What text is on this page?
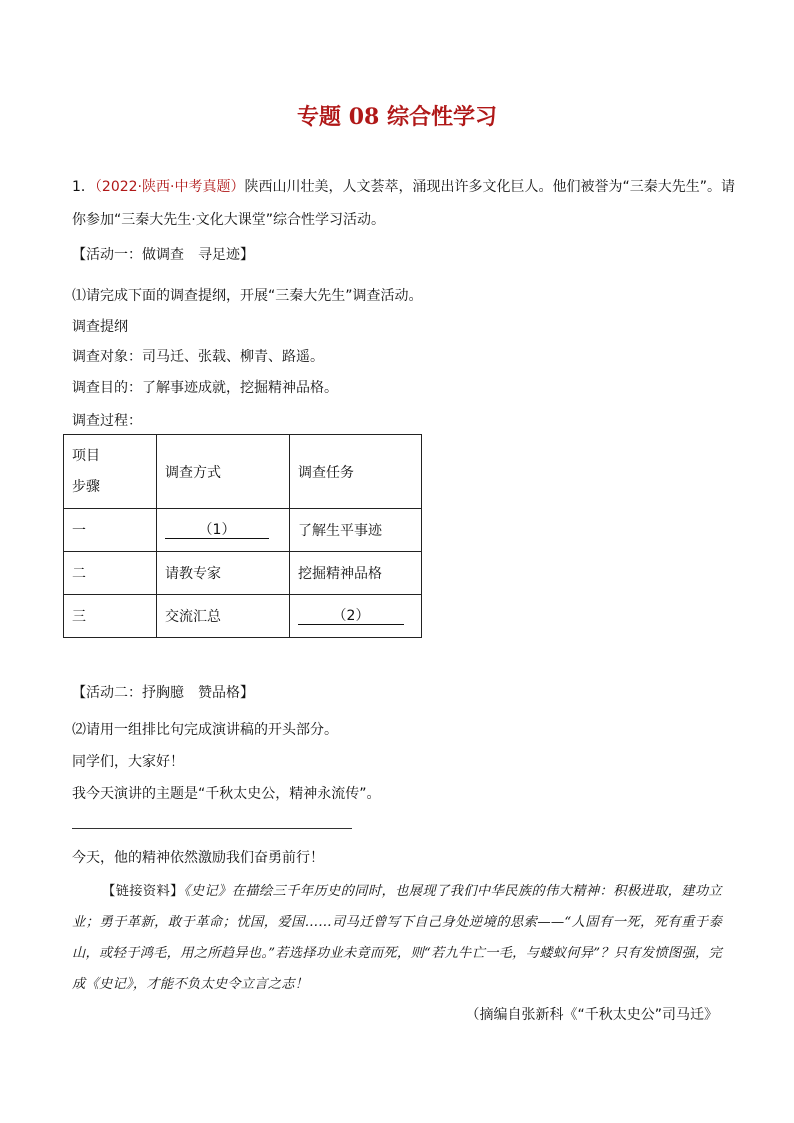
专题 08 综合性学习
1．（2022·陕西·中考真题）陕西山川壮美，人文荟萃，涌现出许多文化巨人。他们被誉为“三秦大先生”。请
你参加“三秦大先生·文化大课堂”综合性学习活动。
【活动一：做调查　寻足迹】
⑴请完成下面的调查提纲，开展“三秦大先生”调查活动。
调查提纲
调查对象：司马迁、张载、柳青、路遥。
调查目的：了解事迹成就，挖掘精神品格。
调查过程：
项目
步骤	调查方式	调查任务
一	（1）	了解生平事迹
二	请教专家	挖掘精神品格
三	交流汇总	（2）
【活动二：抒胸臆　赞品格】
⑵请用一组排比句完成演讲稿的开头部分。
同学们，大家好！
我今天演讲的主题是“千秋太史公，精神永流传”。
今天，他的精神依然激励我们奋勇前行！
【链接资料】《史记》在描绘三千年历史的同时，也展现了我们中华民族的伟大精神：积极进取，建功立业；勇于革新，敢于革命；忧国，爱国……司马迁曾写下自己身处逆境的思索——“人固有一死，死有重于泰山，或轻于鸿毛，用之所趋异也。”若选择功业未竟而死，则“若九牛亡一毛，与蝼蚁何异”？只有发愤图强，完成《史记》，才能不负太史令立言之志！
（摘编自张新科《“千秋太史公”司马迁》
